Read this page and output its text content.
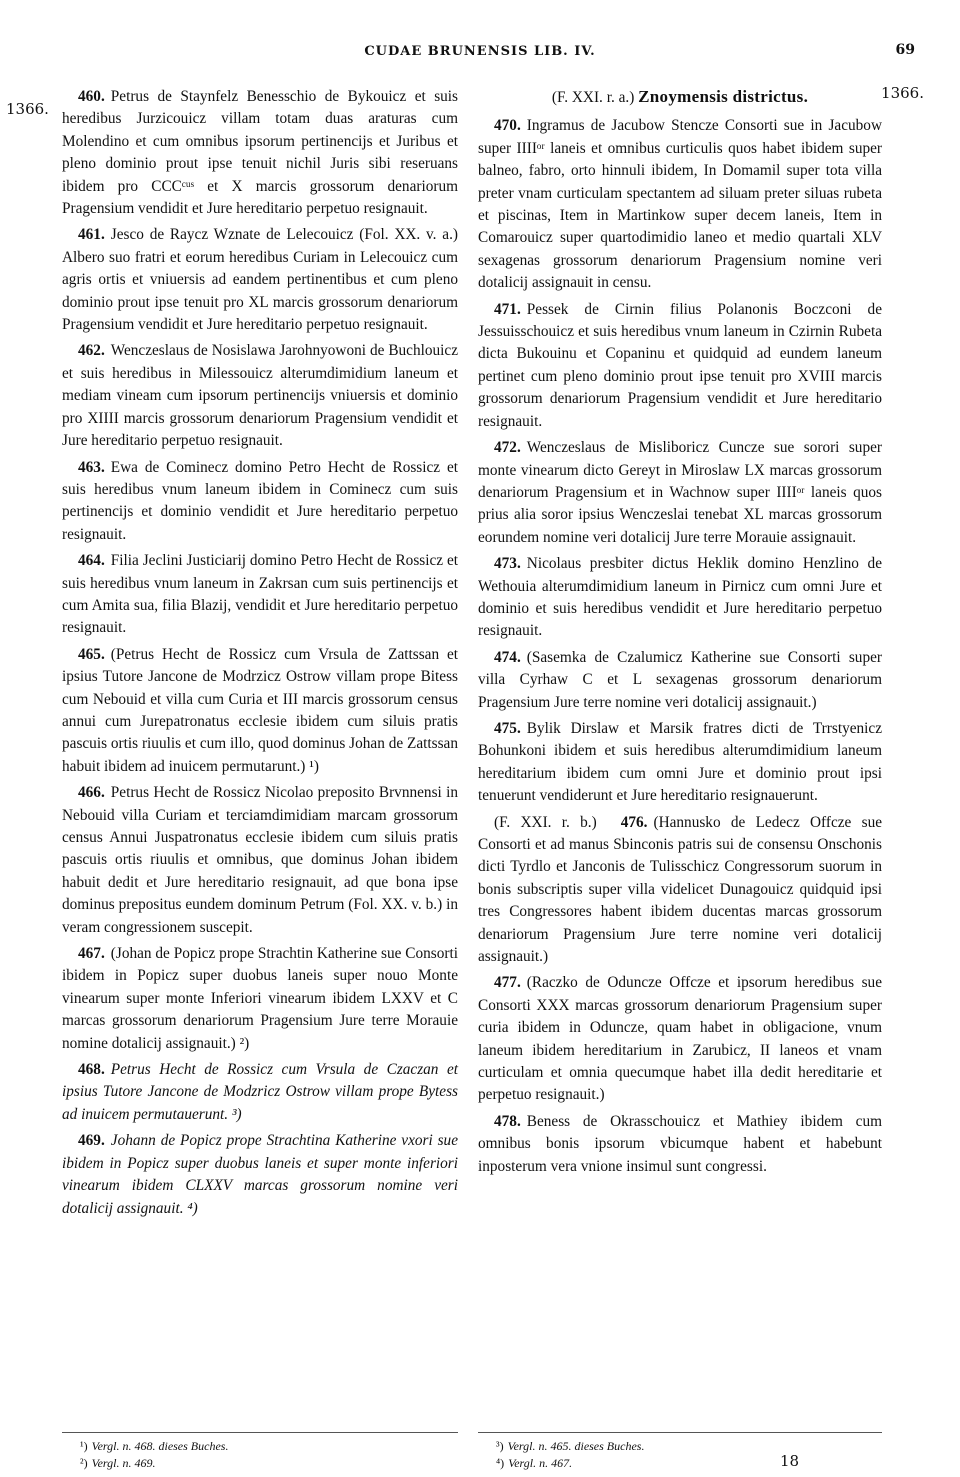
CUDAE BRUNENSIS LIB. IV.	69
1366.
1366.

460. Petrus de Staynfelz Benesschio de Bykouicz et suis heredibus Jurzicouicz villam totam duas araturas cum Molendino et cum omnibus ipsorum pertinencijs et Juribus et pleno dominio prout ipse tenuit nichil Juris sibi reseruans ibidem pro CCCᶜᵘˢ et X marcis grossorum denariorum Pragensium vendidit et Jure hereditario perpetuo resignauit.

461. Jesco de Raycz Wznate de Lelecouicz (Fol. XX. v. a.) Albero suo fratri et eorum heredibus Curiam in Lelecouicz cum agris ortis et vniuersis ad eandem pertinentibus et cum pleno dominio prout ipse tenuit pro XL marcis grossorum denariorum Pragensium vendidit et Jure hereditario perpetuo resignauit.

462. Wenczeslaus de Nosislawa Jarohnyowoni de Buchlouicz et suis heredibus in Milessouicz alterumdimidium laneum et mediam vineam cum ipsorum pertinencijs vniuersis et dominio pro XIIII marcis grossorum denariorum Pragensium vendidit et Jure hereditario perpetuo resignauit.

463. Ewa de Cominecz domino Petro Hecht de Rossicz et suis heredibus vnum laneum ibidem in Cominecz cum suis pertinencijs et dominio vendidit et Jure hereditario perpetuo resignauit.

464. Filia Jeclini Justiciarij domino Petro Hecht de Rossicz et suis heredibus vnum laneum in Zakrsan cum suis pertinencijs et cum Amita sua, filia Blazij, vendidit et Jure hereditario perpetuo resignauit.

465. (Petrus Hecht de Rossicz cum Vrsula de Zattssan et ipsius Tutore Jancone de Modrzicz Ostrow villam prope Bitess cum Nebouid et villa cum Curia et III marcis grossorum census annui cum Jurepatronatus ecclesie ibidem cum siluis pratis pascuis ortis riuulis et cum illo, quod dominus Johan de Zattssan habuit ibidem ad inuicem permutarunt.) ¹)

466. Petrus Hecht de Rossicz Nicolao preposito Brvnnensi in Nebouid villa Curiam et terciamdimidiam marcam grossorum census Annui Juspatronatus ecclesie ibidem cum siluis pratis pascuis ortis riuulis et omnibus, que dominus Johan ibidem habuit dedit et Jure hereditario resignauit, ad que bona ipse dominus prepositus eundem dominum Petrum (Fol. XX. v. b.) in veram congressionem suscepit.

467. (Johan de Popicz prope Strachtin Katherine sue Consorti ibidem in Popicz super duobus laneis super nouo Monte vinearum super monte Inferiori vinearum ibidem LXXV et C marcas grossorum denariorum Pragensium Jure terre Morauie nomine dotalicij assignauit.) ²)

468. Petrus Hecht de Rossicz cum Vrsula de Czaczan et ipsius Tutore Jancone de Modzricz Ostrow villam prope Bytess ad inuicem permutauerunt. ³)

469. Johann de Popicz prope Strachtina Katherine vxori sue ibidem in Popicz super duobus laneis et super monte inferiori vinearum ibidem CLXXV marcas grossorum nomine veri dotalicij assignauit. ⁴)

(F. XXI. r. a.) Znoymensis districtus.

470. Ingramus de Jacubow Stencze Consorti sue in Jacubow super IIIIᵒʳ laneis et omnibus curticulis quos habet ibidem super balneo, fabro, orto hinnuli ibidem, In Domamil super tota villa preter vnam curticulam spectantem ad siluam preter siluas rubeta et piscinas, Item in Martinkow super decem laneis, Item in Comarouicz super quartodimidio laneo et medio quartali XLV sexagenas grossorum denariorum Pragensium nomine veri dotalicij assignauit in censu.

471. Pessek de Cirnin filius Polanonis Boczconi de Jessuisschouicz et suis heredibus vnum laneum in Czirnin Rubeta dicta Bukouinu et Copaninu et quidquid ad eundem laneum pertinet cum pleno dominio prout ipse tenuit pro XVIII marcis grossorum denariorum Pragensium vendidit et Jure hereditario resignauit.

472. Wenczeslaus de Misliboricz Cuncze sue sorori super monte vinearum dicto Gereyt in Miroslaw LX marcas grossorum denariorum Pragensium et in Wachnow super IIIIᵒʳ laneis quos prius alia soror ipsius Wenczeslai tenebat XL marcas grossorum eorundem nomine veri dotalicij Jure terre Morauie assignauit.

473. Nicolaus presbiter dictus Heklik domino Henzlino de Wethouia alterumdimidium laneum in Pirnicz cum omni Jure et dominio et suis heredibus vendidit et Jure hereditario perpetuo resignauit.

474. (Sasemka de Czalumicz Katherine sue Consorti super villa Cyrhaw C et L sexagenas grossorum denariorum Pragensium Jure terre nomine veri dotalicij assignauit.)

475. Bylik Dirslaw et Marsik fratres dicti de Trrstyenicz Bohunkoni ibidem et suis heredibus alterumdimidium laneum hereditarium ibidem cum omni Jure et dominio prout ipsi tenuerunt vendiderunt et Jure hereditario resignauerunt.

(F. XXI. r. b.) 476. (Hannusko de Ledecz Offcze sue Consorti et ad manus Sbinconis patris sui de consensu Onschonis dicti Tyrdlo et Janconis de Tulisschicz Congressorum suorum in bonis subscriptis super villa videlicet Dunagouicz quidquid ipsi tres Congressores habent ibidem ducentas marcas grossorum denariorum Pragensium Jure terre nomine veri dotalicij assignauit.)

477. (Raczko de Oduncze Offcze et ipsorum heredibus sue Consorti XXX marcas grossorum denariorum Pragensium super curia ibidem in Oduncze, quam habet in obligacione, vnum laneum ibidem hereditarium in Zarubicz, II laneos et vnam curticulam et omnia quecumque habet illa dedit hereditarie et perpetuo resignauit.)

478. Beness de Okrasschouicz et Mathiey ibidem cum omnibus bonis ipsorum vbicumque habent et habebunt inposterum vera vnione insimul sunt congressi.

¹) Vergl. n. 468. dieses Buches.
²) Vergl. n. 469.
³) Vergl. n. 465. dieses Buches.
⁴) Vergl. n. 467.	18
